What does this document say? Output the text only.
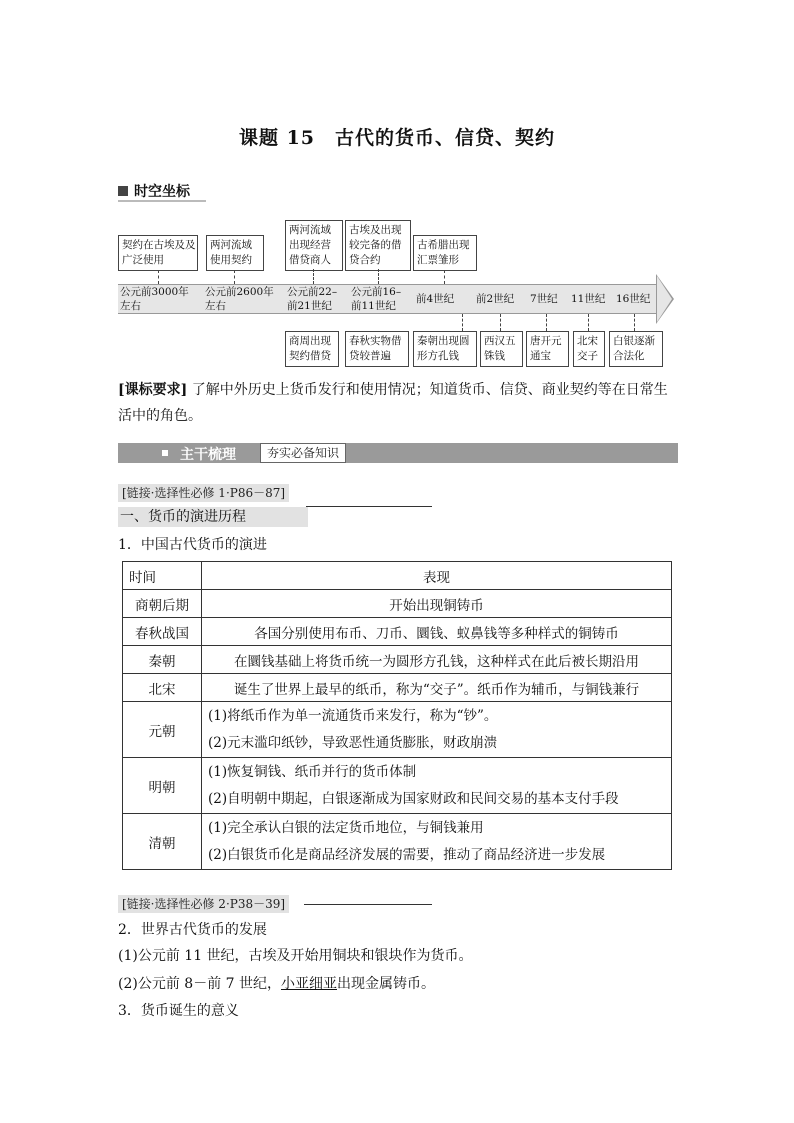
课题 15　古代的货币、信贷、契约
时空坐标
契约在古埃及及
广泛使用
两河流域
使用契约
两河流域
出现经营
借贷商人
古埃及出现
较完备的借
贷合约
古希腊出现
汇票雏形
公元前3000年
左右
公元前2600年
左右
公元前22–
前21世纪
公元前16–
前11世纪
前4世纪 前2世纪 7世纪 11世纪 16世纪
商周出现
契约借贷
春秋实物借
贷较普遍
秦朝出现圆
形方孔钱
西汉五
铢钱
唐开元
通宝
北宋
交子
白银逐渐
合法化
[课标要求] 了解中外历史上货币发行和使用情况；知道货币、信贷、商业契约等在日常生活中的角色。
主干梳理	夯实必备知识
[链接·选择性必修 1·P86－87]
一、货币的演进历程
1．中国古代货币的演进
时间	表现
商朝后期	开始出现铜铸币
春秋战国	各国分别使用布币、刀币、圜钱、蚁鼻钱等多种样式的铜铸币
秦朝	在圜钱基础上将货币统一为圆形方孔钱，这种样式在此后被长期沿用
北宋	诞生了世界上最早的纸币，称为“交子”。纸币作为辅币，与铜钱兼行
元朝	(1)将纸币作为单一流通货币来发行，称为“钞”。
(2)元末滥印纸钞，导致恶性通货膨胀，财政崩溃

明朝	(1)恢复铜钱、纸币并行的货币体制
(2)自明朝中期起，白银逐渐成为国家财政和民间交易的基本支付手段

清朝	(1)完全承认白银的法定货币地位，与铜钱兼用
(2)白银货币化是商品经济发展的需要，推动了商品经济进一步发展
[链接·选择性必修 2·P38－39]
2．世界古代货币的发展
(1)公元前 11 世纪，古埃及开始用铜块和银块作为货币。
(2)公元前 8－前 7 世纪，小亚细亚出现金属铸币。
3．货币诞生的意义
